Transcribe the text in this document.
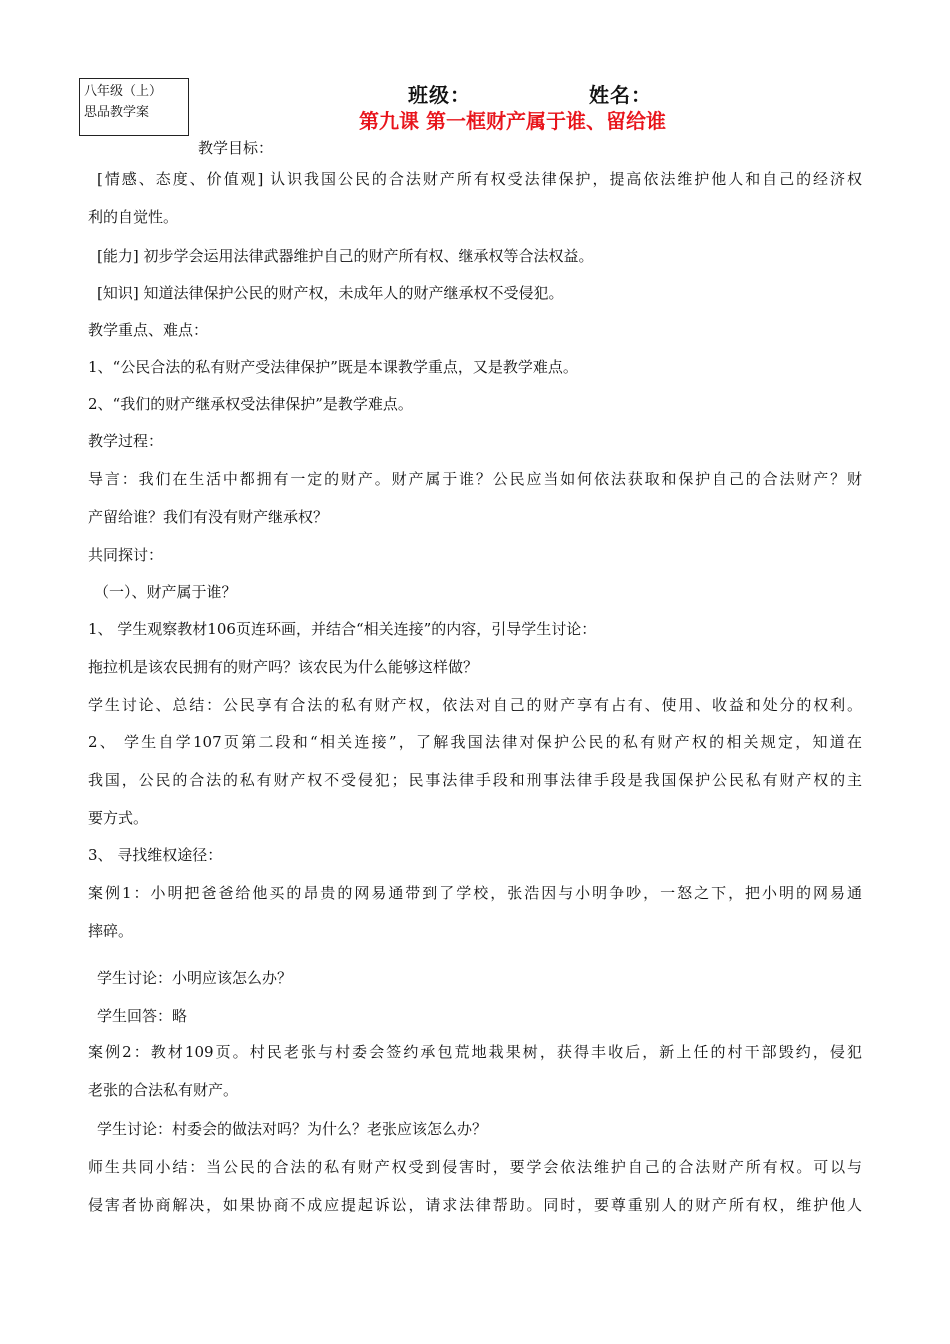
八年级（上）
思品教学案
班级：	姓名：
第九课 第一框财产属于谁、留给谁
教学目标：
[情感、态度、价值观] 认识我国公民的合法财产所有权受法律保护，提高依法维护他人和自己的经济权
利的自觉性。
[能力] 初步学会运用法律武器维护自己的财产所有权、继承权等合法权益。
[知识] 知道法律保护公民的财产权，未成年人的财产继承权不受侵犯。
教学重点、难点：
1、“公民合法的私有财产受法律保护”既是本课教学重点，又是教学难点。
2、“我们的财产继承权受法律保护”是教学难点。
教学过程：
导言：我们在生活中都拥有一定的财产。财产属于谁？公民应当如何依法获取和保护自己的合法财产？财
产留给谁？我们有没有财产继承权？
共同探讨：
（一）、财产属于谁？
1、 学生观察教材106页连环画，并结合“相关连接”的内容，引导学生讨论：
拖拉机是该农民拥有的财产吗？该农民为什么能够这样做？
学生讨论、总结：公民享有合法的私有财产权，依法对自己的财产享有占有、使用、收益和处分的权利。
2、 学生自学107页第二段和“相关连接”，了解我国法律对保护公民的私有财产权的相关规定，知道在
我国，公民的合法的私有财产权不受侵犯；民事法律手段和刑事法律手段是我国保护公民私有财产权的主
要方式。
3、 寻找维权途径：
案例1：小明把爸爸给他买的昂贵的网易通带到了学校，张浩因与小明争吵，一怒之下，把小明的网易通
摔碎。
学生讨论：小明应该怎么办？
学生回答：略
案例2：教材109页。村民老张与村委会签约承包荒地栽果树，获得丰收后，新上任的村干部毁约，侵犯
老张的合法私有财产。
学生讨论：村委会的做法对吗？为什么？老张应该怎么办？
师生共同小结：当公民的合法的私有财产权受到侵害时，要学会依法维护自己的合法财产所有权。可以与
侵害者协商解决，如果协商不成应提起诉讼，请求法律帮助。同时，要尊重别人的财产所有权，维护他人
